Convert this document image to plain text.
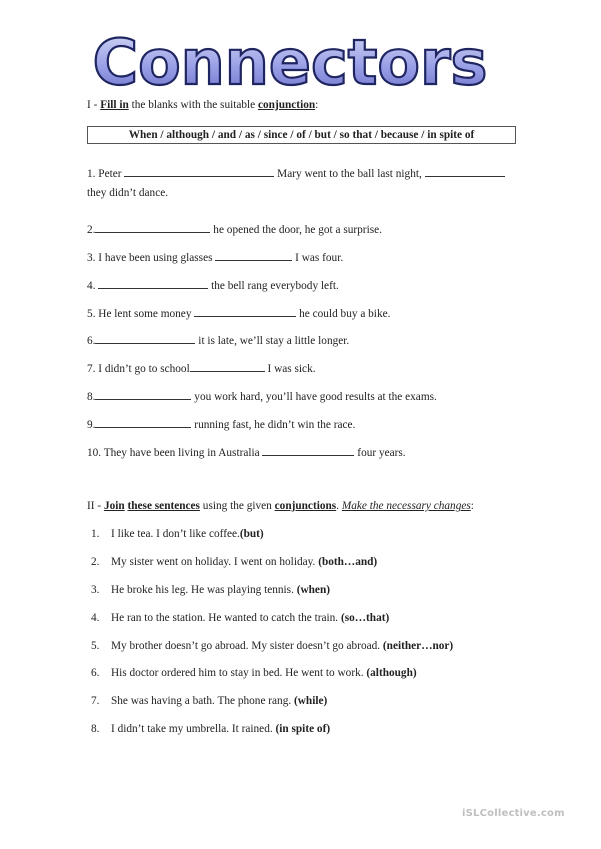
Connectors
I - Fill in the blanks with the suitable conjunction:
When / although / and / as / since / of / but / so that / because / in spite of
1. Peter	Mary went to the ball last night,
they didn’t dance.
2.	he opened the door, he got a surprise.
3. I have been using glasses	I was four.
4.	the bell rang everybody left.
5. He lent some money	he could buy a bike.
6.	it is late, we’ll stay a little longer.
7. I didn’t go to school	I was sick.
8.	you work hard, you’ll have good results at the exams.
9.	running fast, he didn’t win the race.
10. They have been living in Australia	four years.
II - Join these sentences using the given conjunctions. Make the necessary changes:
1. I like tea. I don’t like coffee.(but)
2. My sister went on holiday. I went on holiday. (both…and)
3. He broke his leg. He was playing tennis. (when)
4. He ran to the station. He wanted to catch the train. (so…that)
5. My brother doesn’t go abroad. My sister doesn’t go abroad. (neither…nor)
6. His doctor ordered him to stay in bed. He went to work. (although)
7. She was having a bath. The phone rang. (while)
8. I didn’t take my umbrella. It rained. (in spite of)
iSLCollective.com
